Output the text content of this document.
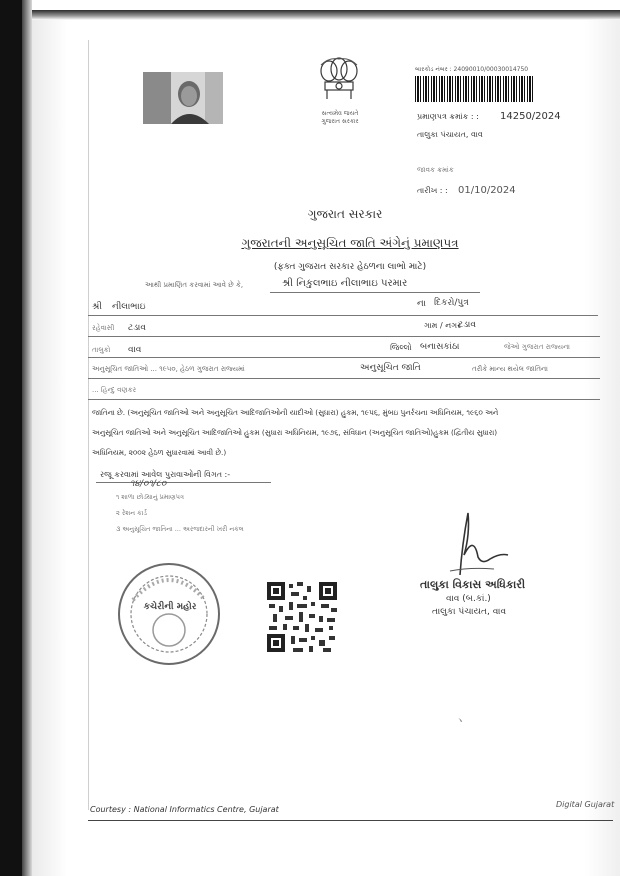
સત્યમેવ જયતે
ગુજરાત સરકાર
બારકોડ નંબર : 24090010/00030014750
પ્રમાણપત્ર ક્રમાંક : : 14250/2024
તાલુકા પંચાયત, વાવ
જાવક ક્રમાંક
તારીખ : : 01/10/2024
ગુજરાત સરકાર
ગુજરાતની અનુસૂચિત જાતિ અંગેનું પ્રમાણપત્ર
(ફક્ત ગુજરાત સરકાર હેઠળના લાભો માટે)
આથી પ્રમાણિત કરવામાં આવે છે કે,	શ્રી નિકુલભાઇ નીલાભાઇ પરમાર
શ્રી નીલાભાઇ	ના દિકરો/પુત્ર
રહેવાસી ટડાવ	ગામ / નગર
ટડાવ
તાલુકો વાવ	જિલ્લો બનાસકાંઠા	જેઓ ગુજરાત રાજ્યના
અનુસૂચિત જાતિઓ ... ૧૯૫૦, હેઠળ ગુજરાત રાજ્યમાં	અનુસૂચિત જાતિ	તરીકે માન્ય થયેલ જાતિના
... હિન્દુ વણકર
જાતિના છે. (અનુસૂચિત જાતિઓ અને અનુસૂચિત આદિજાતિઓની યાદીઓ (સુધારા) હુકમ, ૧૯૫૬, મુંબઇ પુનર્રચના અધિનિયમ, ૧૯૬૦ અને
અનુસૂચિત જાતિઓ અને અનુસૂચિત આદિજાતિઓ હુકમ (સુધારા અધિનિયમ, ૧૯૭૬, સંવિધાન (અનુસૂચિત જાતિઓ)હુકમ (દ્વિતીય સુધારા)
અધિનિયમ, ૨૦૦૨ હેઠળ સુધારવામાં આવી છે.)
રજૂ કરવામાં આવેલ પુરાવાઓની વિગત :-
૧૪/૦૧/૮૦
૧ શાળા છોડ્યાનું પ્રમાણપત્ર
૨ રેશન કાર્ડ
૩ અનુસૂચિત જાતિના ... અરજદારની ખરી નકલ
કચેરીની મહોર
તાલુકા વિકાસ અધિકારી
વાવ (બ.કાં.)
તાલુકા પંચાયત, વાવ
ヽ
Courtesy : National Informatics Centre, Gujarat
Digital Gujarat
